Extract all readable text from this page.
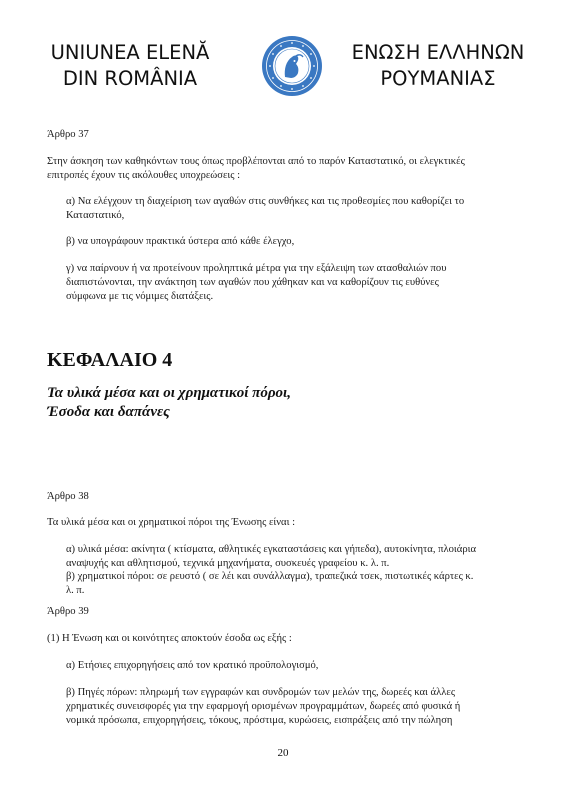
UNIUNEA ELENĂ
DIN ROMÂNIA
ΕΝΩΣΗ ΕΛΛΗΝΩΝ
ΡΟΥΜΑΝΙΑΣ
Άρθρο 37
Στην άσκηση των καθηκόντων τους όπως προβλέπονται από το παρόν Καταστατικό, οι ελεγκτικές
επιτροπές έχουν τις ακόλουθες υποχρεώσεις :
α) Να ελέγχουν τη διαχείριση των αγαθών στις συνθήκες και τις προθεσμίες που καθορίζει το
Καταστατικό,
β) να υπογράφουν πρακτικά ύστερα από κάθε έλεγχο,
γ) να παίρνουν ή να προτείνουν προληπτικά μέτρα για την εξάλειψη των ατασθαλιών που
διαπιστώνονται, την ανάκτηση των αγαθών που χάθηκαν και να καθορίζουν τις ευθύνες
σύμφωνα με τις νόμιμες διατάξεις.
ΚΕΦΑΛΑΙΟ 4
Τα υλικά μέσα και οι χρηματικοί πόροι,
Έσοδα και δαπάνες
Άρθρο 38
Τα υλικά μέσα και οι χρηματικοί πόροι της Ένωσης είναι :
α) υλικά μέσα: ακίνητα ( κτίσματα, αθλητικές εγκαταστάσεις και γήπεδα), αυτοκίνητα, πλοιάρια
αναψυχής και αθλητισμού, τεχνικά μηχανήματα, συσκευές γραφείου κ. λ. π.
β) χρηματικοί πόροι: σε ρευστό ( σε λέι και συνάλλαγμα), τραπεζικά τσεκ, πιστωτικές κάρτες κ.
λ. π.
Άρθρο 39
(1) Η Ένωση και οι κοινότητες αποκτούν έσοδα ως εξής :
α) Ετήσιες επιχορηγήσεις από τον κρατικό προϋπολογισμό,
β) Πηγές πόρων: πληρωμή των εγγραφών και συνδρομών των μελών της, δωρεές και άλλες
χρηματικές συνεισφορές για την εφαρμογή ορισμένων προγραμμάτων, δωρεές από φυσικά ή
νομικά πρόσωπα, επιχορηγήσεις, τόκους, πρόστιμα, κυρώσεις, εισπράξεις από την πώληση
20
